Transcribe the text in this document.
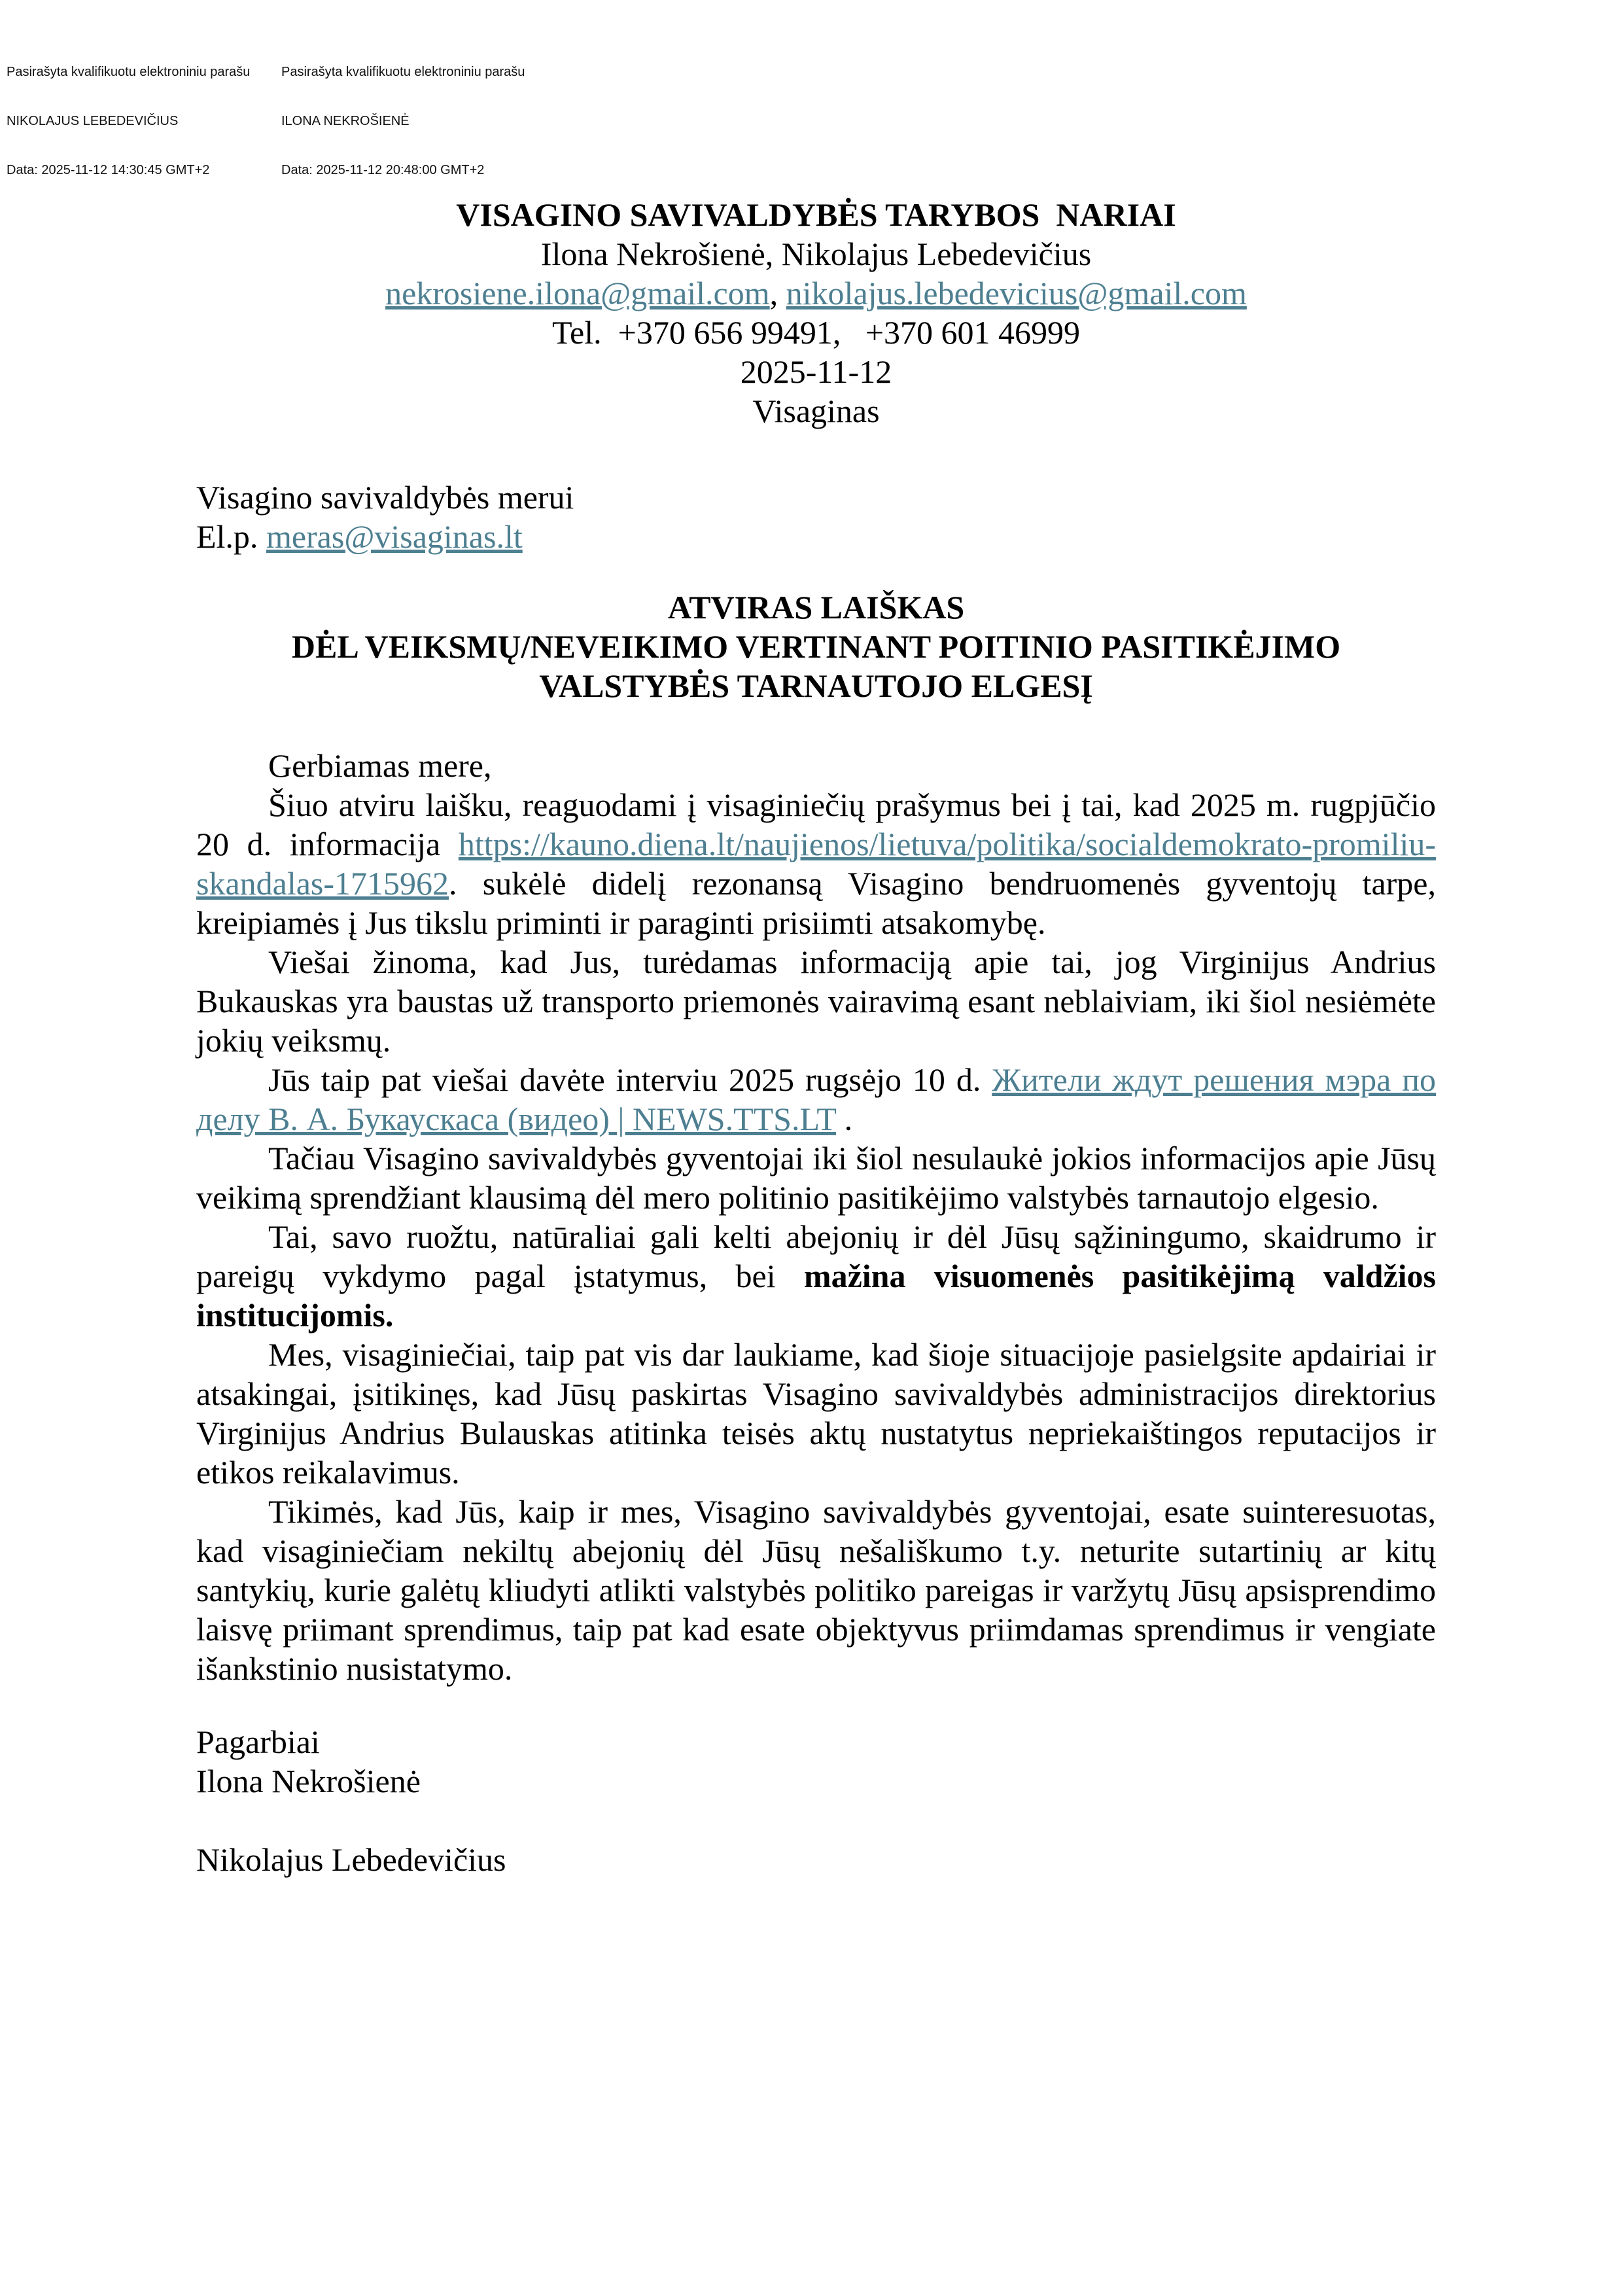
Pasirašyta kvalifikuotu elektroniniu parašu

NIKOLAJUS LEBEDEVIČIUS

Data: 2025-11-12 14:30:45 GMT+2

Pasirašyta kvalifikuotu elektroniniu parašu

ILONA NEKROŠIENĖ

Data: 2025-11-12 20:48:00 GMT+2

VISAGINO SAVIVALDYBĖS TARYBOS  NARIAI
Ilona Nekrošienė, Nikolajus Lebedevičius
nekrosiene.ilona@gmail.com, nikolajus.lebedevicius@gmail.com
Tel.  +370 656 99491,   +370 601 46999
2025-11-12
Visaginas
Visagino savivaldybės merui
El.p. meras@visaginas.lt
ATVIRAS LAIŠKAS
DĖL VEIKSMŲ/NEVEIKIMO VERTINANT POITINIO PASITIKĖJIMO
VALSTYBĖS TARNAUTOJO ELGESĮ

Gerbiamas mere,

Šiuo atviru laišku, reaguodami į visaginiečių prašymus bei į tai, kad 2025 m. rugpjūčio 20 d. informacija https://kauno.diena.lt/naujienos/lietuva/politika/socialdemokrato-promiliu-skandalas-1715962. sukėlė didelį rezonansą Visagino bendruomenės gyventojų tarpe, kreipiamės į Jus tikslu priminti ir paraginti prisiimti atsakomybę.

Viešai žinoma, kad Jus, turėdamas informaciją apie tai, jog Virginijus Andrius Bukauskas yra baustas už transporto priemonės vairavimą esant neblaiviam, iki šiol nesiėmėte jokių veiksmų.

Jūs taip pat viešai davėte interviu 2025 rugsėjo 10 d. Жители ждут решения мэра по делу В. А. Букаускаса (видео) | NEWS.TTS.LT .

Tačiau Visagino savivaldybės gyventojai iki šiol nesulaukė jokios informacijos apie Jūsų veikimą sprendžiant klausimą dėl mero politinio pasitikėjimo valstybės tarnautojo elgesio.

Tai, savo ruožtu, natūraliai gali kelti abejonių ir dėl Jūsų sąžiningumo, skaidrumo ir pareigų vykdymo pagal įstatymus, bei mažina visuomenės pasitikėjimą valdžios institucijomis.

Mes, visaginiečiai, taip pat vis dar laukiame, kad šioje situacijoje pasielgsite apdairiai ir atsakingai, įsitikinęs, kad Jūsų paskirtas Visagino savivaldybės administracijos direktorius Virginijus Andrius Bulauskas atitinka teisės aktų nustatytus nepriekaištingos reputacijos ir etikos reikalavimus.

Tikimės, kad Jūs, kaip ir mes, Visagino savivaldybės gyventojai, esate suinteresuotas, kad visaginiečiam nekiltų abejonių dėl Jūsų nešališkumo t.y. neturite sutartinių ar kitų santykių, kurie galėtų kliudyti atlikti valstybės politiko pareigas ir varžytų Jūsų apsisprendimo laisvę priimant sprendimus, taip pat kad esate objektyvus priimdamas sprendimus ir vengiate išankstinio nusistatymo.

Pagarbiai
Ilona Nekrošienė
Nikolajus Lebedevičius
